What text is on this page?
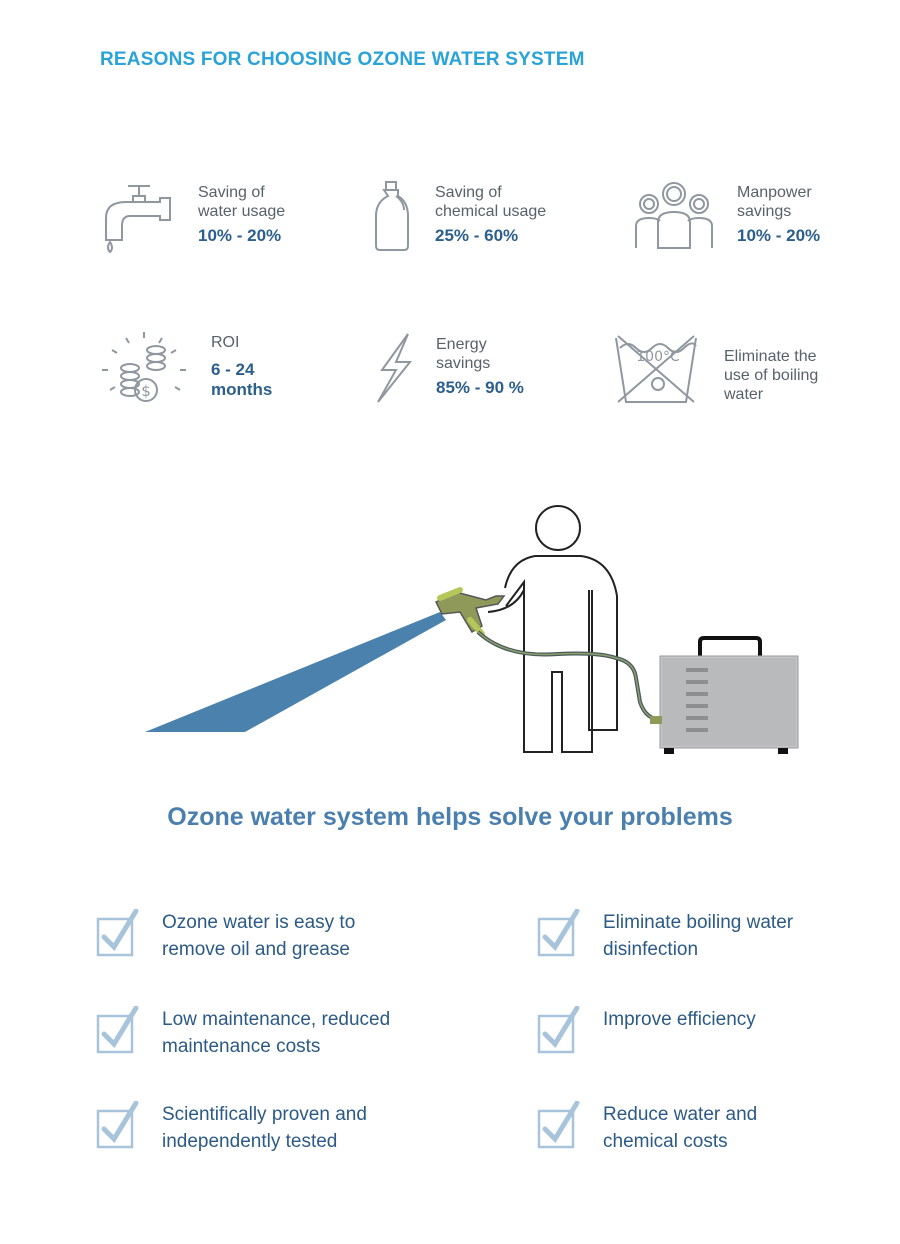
REASONS FOR CHOOSING OZONE WATER SYSTEM
Saving of
water usage
10% - 20%
Saving of
chemical usage
25% - 60%
Manpower
savings
10% - 20%
$
ROI
6 - 24
months
Energy
savings
85% - 90 %
100°C	Eliminate the
use of boiling
water
Ozone water system helps solve your problems
Ozone water is easy to
remove oil and grease
Eliminate boiling water
disinfection
Low maintenance, reduced
maintenance costs
Improve efficiency
Scientifically proven and
independently tested
Reduce water and
chemical costs
